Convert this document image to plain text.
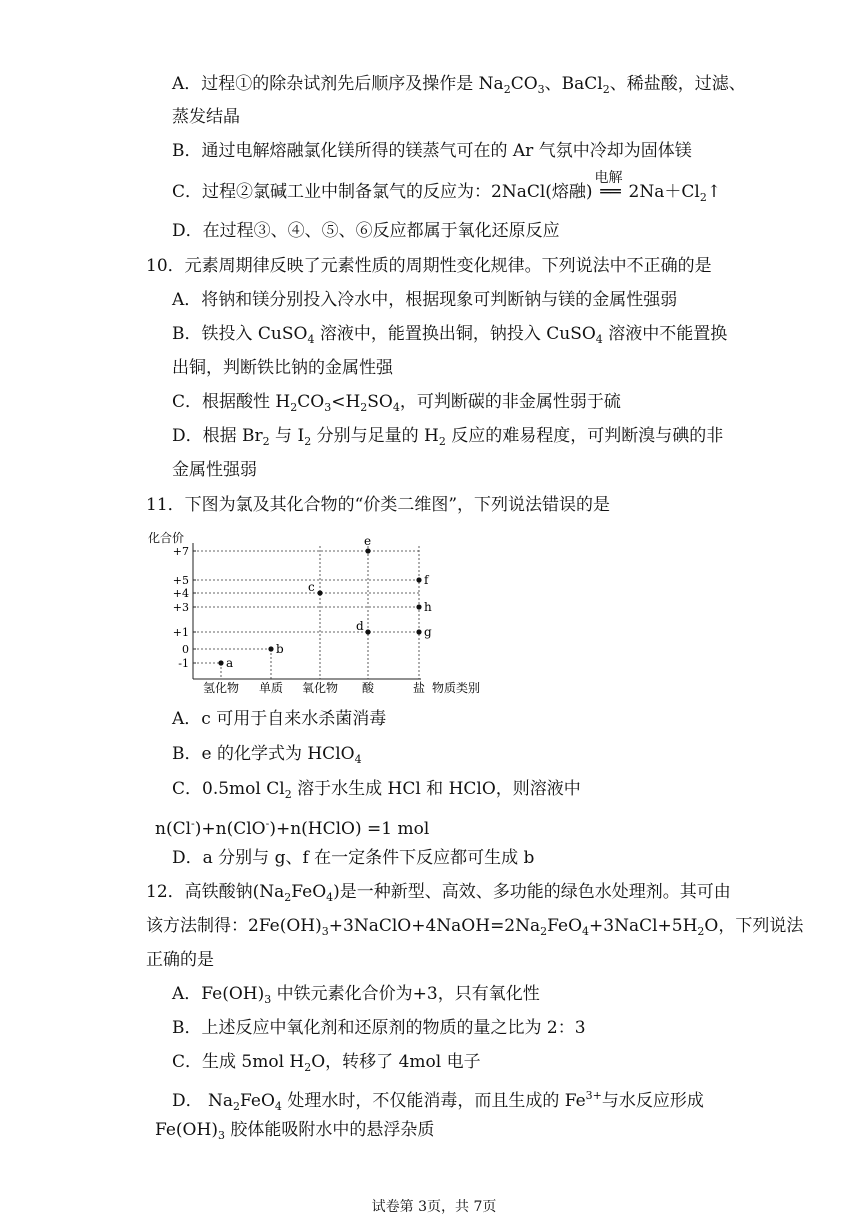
A．过程①的除杂试剂先后顺序及操作是 $Na_2CO_3$、BaCl$_2$、稀盐酸，过滤、
蒸发结晶
B．通过电解熔融氯化镁所得的镁蒸气可在的 Ar 气氛中冷却为固体镁
C．过程②氯碱工业中制备氯气的反应为：2NaCl(熔融)
电解
══ $2Na+Cl_2↑$
D．在过程③、④、⑤、⑥反应都属于氧化还原反应
10．元素周期律反映了元素性质的周期性变化规律。下列说法中不正确的是
A．将钠和镁分别投入冷水中，根据现象可判断钠与镁的金属性强弱
B．铁投入 CuSO$_4$ 溶液中，能置换出铜，钠投入 CuSO$_4$ 溶液中不能置换
出铜，判断铁比钠的金属性强
C．根据酸性 $H_2CO_3<H_2SO_4$，可判断碳的非金属性弱于硫
D．根据 $Br_2$ 与 $I_2$ 分别与足量的 $H_2$ 反应的难易程度，可判断溴与碘的非
金属性强弱
11．下图为氯及其化合物的“价类二维图”，下列说法错误的是
化合价
物质类别
+7
+5
+4
+3
+1
0
-1
氢化物 单质 氧化物 酸	盐
a
b
c
d
e
f
h
g
A．c 可用于自来水杀菌消毒
B．e 的化学式为 HClO$_4$
C．0.5mol $Cl_2$ 溶于水生成 HCl 和 HClO，则溶液中
n(Cl-)+n(ClO-)+n(HClO) =1 mol
D．a 分别与 g、f 在一定条件下反应都可生成 b
12．高铁酸钠$(Na_2FeO_4)$是一种新型、高效、多功能的绿色水处理剂。其可由
该方法制得：$2Fe(OH)_3+3NaClO+4NaOH=2Na_2FeO_4+3NaCl+5H_2O$，下列说法
正确的是
A．$Fe(OH)_3$ 中铁元素化合价为+3，只有氧化性
B．上述反应中氧化剂和还原剂的物质的量之比为 2：3
C．生成 5mol $H_2O$，转移了 4mol 电子
D． $Na_2FeO_4$ 处理水时，不仅能消毒，而且生成的 $Fe^{3+}$与水反应形成
$Fe(OH)_3$ 胶体能吸附水中的悬浮杂质
试卷第 3页，共 7页
